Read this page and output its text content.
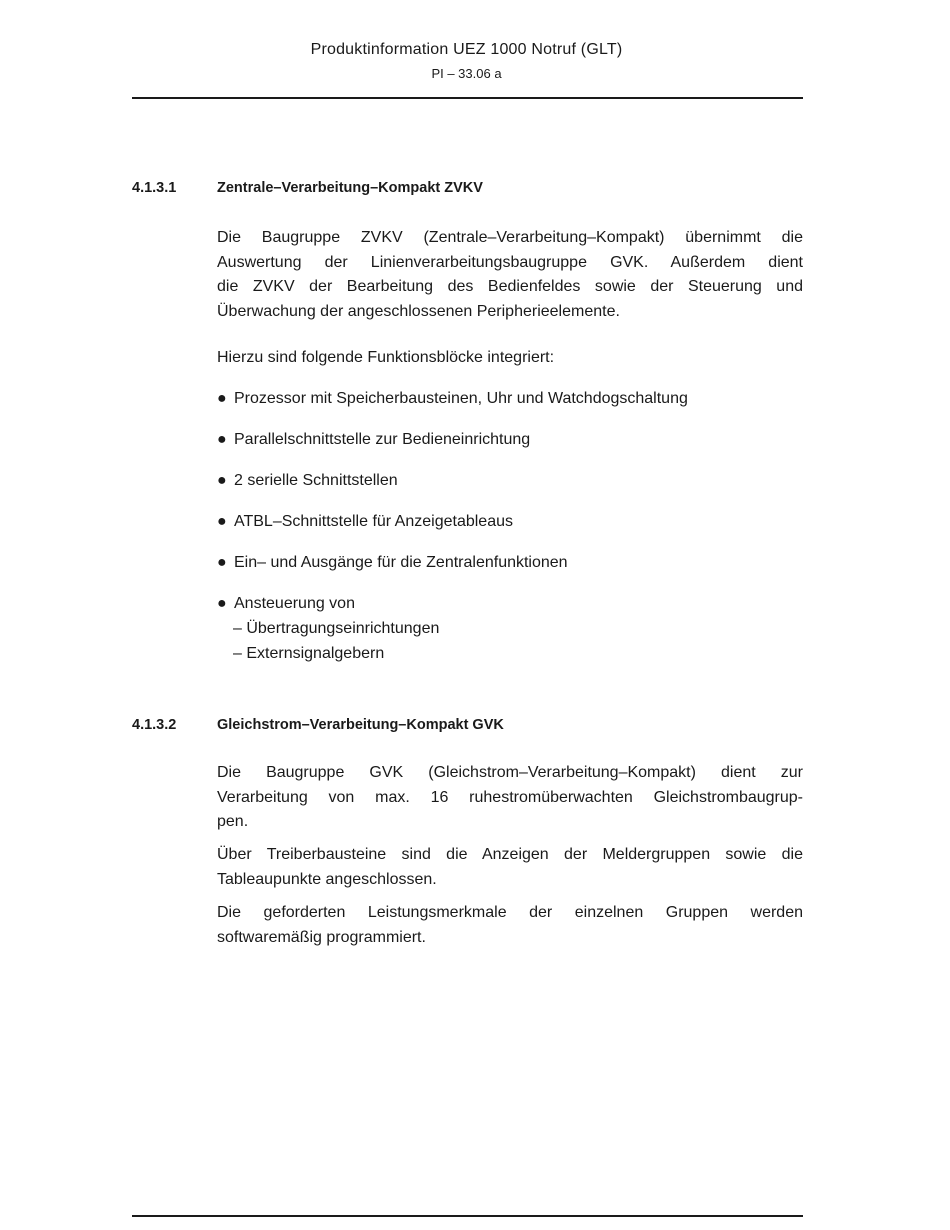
Produktinformation UEZ 1000 Notruf (GLT)
PI – 33.06 a
4.1.3.1	Zentrale–Verarbeitung–Kompakt ZVKV
Die Baugruppe ZVKV (Zentrale–Verarbeitung–Kompakt) übernimmt die
Auswertung der Linienverarbeitungsbaugruppe GVK. Außerdem dient
die ZVKV der Bearbeitung des Bedienfeldes sowie der Steuerung und
Überwachung der angeschlossenen Peripherieelemente.
Hierzu sind folgende Funktionsblöcke integriert:
● Prozessor mit Speicherbausteinen, Uhr und Watchdogschaltung
● Parallelschnittstelle zur Bedieneinrichtung
● 2 serielle Schnittstellen
● ATBL–Schnittstelle für Anzeigetableaus
● Ein– und Ausgänge für die Zentralenfunktionen
● Ansteuerung von
– Übertragungseinrichtungen
– Externsignalgebern
4.1.3.2	Gleichstrom–Verarbeitung–Kompakt GVK
Die Baugruppe GVK (Gleichstrom–Verarbeitung–Kompakt) dient zur
Verarbeitung von max. 16 ruhestromüberwachten Gleichstrombaugrup-
pen.
Über Treiberbausteine sind die Anzeigen der Meldergruppen sowie die
Tableaupunkte angeschlossen.
Die geforderten Leistungsmerkmale der einzelnen Gruppen werden
softwaremäßig programmiert.
